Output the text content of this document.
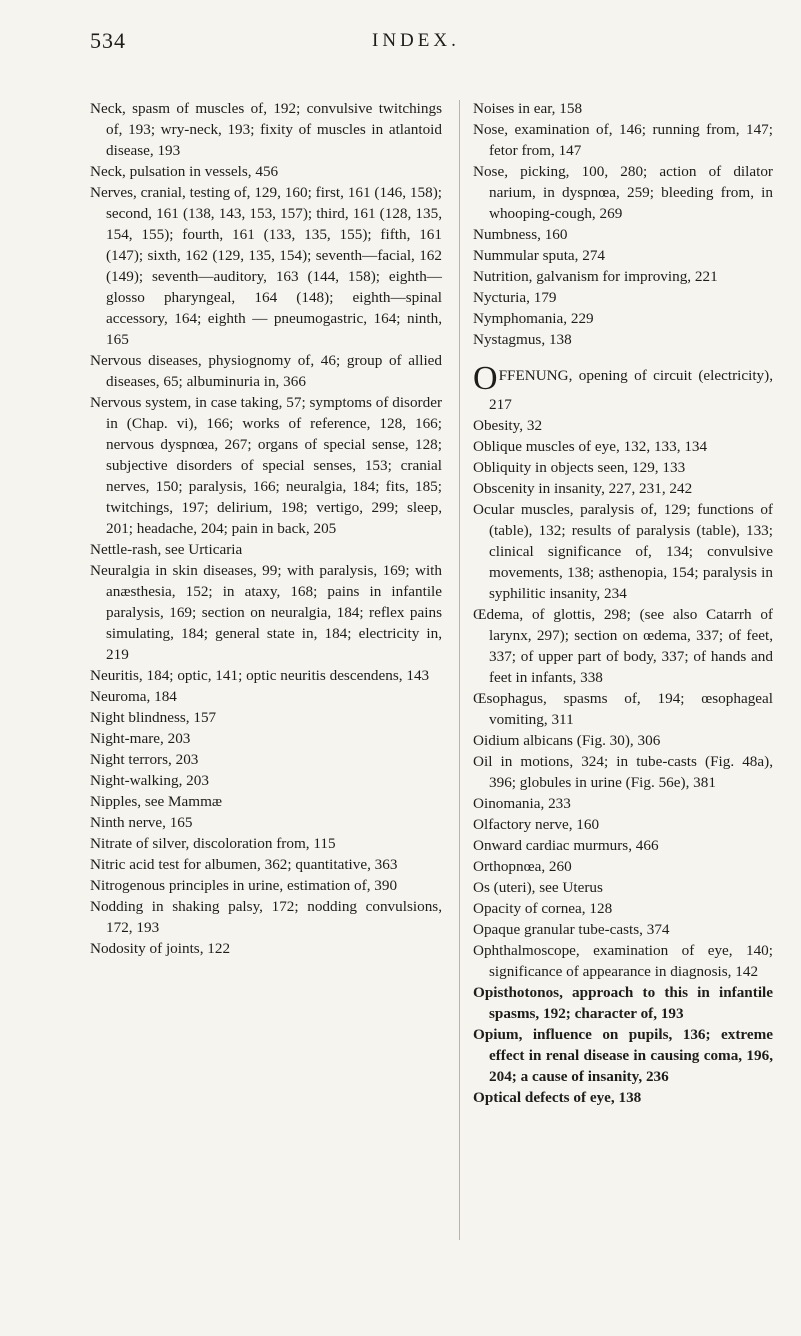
534	INDEX.

Neck, spasm of muscles of, 192; convulsive twitchings of, 193; wry-neck, 193; fixity of muscles in atlantoid disease, 193

Neck, pulsation in vessels, 456

Nerves, cranial, testing of, 129, 160; first, 161 (146, 158); second, 161 (138, 143, 153, 157); third, 161 (128, 135, 154, 155); fourth, 161 (133, 135, 155); fifth, 161 (147); sixth, 162 (129, 135, 154); seventh—facial, 162 (149); seventh—auditory, 163 (144, 158); eighth—glosso pharyngeal, 164 (148); eighth—spinal accessory, 164; eighth — pneumogastric, 164; ninth, 165

Nervous diseases, physiognomy of, 46; group of allied diseases, 65; albuminuria in, 366

Nervous system, in case taking, 57; symptoms of disorder in (Chap. vi), 166; works of reference, 128, 166; nervous dyspnœa, 267; organs of special sense, 128; subjective disorders of special senses, 153; cranial nerves, 150; paralysis, 166; neuralgia, 184; fits, 185; twitchings, 197; delirium, 198; vertigo, 299; sleep, 201; headache, 204; pain in back, 205

Nettle-rash, see Urticaria

Neuralgia in skin diseases, 99; with paralysis, 169; with anæsthesia, 152; in ataxy, 168; pains in infantile paralysis, 169; section on neuralgia, 184; reflex pains simulating, 184; general state in, 184; electricity in, 219

Neuritis, 184; optic, 141; optic neuritis descendens, 143

Neuroma, 184

Night blindness, 157

Night-mare, 203

Night terrors, 203

Night-walking, 203

Nipples, see Mammæ

Ninth nerve, 165

Nitrate of silver, discoloration from, 115

Nitric acid test for albumen, 362; quantitative, 363

Nitrogenous principles in urine, estimation of, 390

Nodding in shaking palsy, 172; nodding convulsions, 172, 193

Nodosity of joints, 122

Noises in ear, 158

Nose, examination of, 146; running from, 147; fetor from, 147

Nose, picking, 100, 280; action of dilator narium, in dyspnœa, 259; bleeding from, in whooping-cough, 269

Numbness, 160

Nummular sputa, 274

Nutrition, galvanism for improving, 221

Nycturia, 179

Nymphomania, 229

Nystagmus, 138

OFFENUNG, opening of circuit (electricity), 217

Obesity, 32

Oblique muscles of eye, 132, 133, 134

Obliquity in objects seen, 129, 133

Obscenity in insanity, 227, 231, 242

Ocular muscles, paralysis of, 129; functions of (table), 132; results of paralysis (table), 133; clinical significance of, 134; convulsive movements, 138; asthenopia, 154; paralysis in syphilitic insanity, 234

Œdema, of glottis, 298; (see also Catarrh of larynx, 297); section on œdema, 337; of feet, 337; of upper part of body, 337; of hands and feet in infants, 338

Œsophagus, spasms of, 194; œsophageal vomiting, 311

Oidium albicans (Fig. 30), 306

Oil in motions, 324; in tube-casts (Fig. 48a), 396; globules in urine (Fig. 56e), 381

Oinomania, 233

Olfactory nerve, 160

Onward cardiac murmurs, 466

Orthopnœa, 260

Os (uteri), see Uterus

Opacity of cornea, 128

Opaque granular tube-casts, 374

Ophthalmoscope, examination of eye, 140; significance of appearance in diagnosis, 142

Opisthotonos, approach to this in infantile spasms, 192; character of, 193

Opium, influence on pupils, 136; extreme effect in renal disease in causing coma, 196, 204; a cause of insanity, 236

Optical defects of eye, 138
